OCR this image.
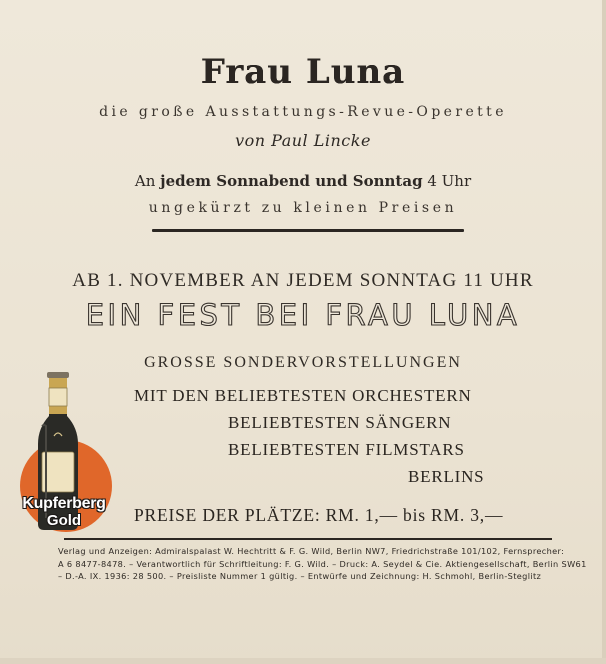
Frau Luna
die große Ausstattungs-Revue-Operette
von Paul Lincke
An jedem Sonnabend und Sonntag 4 Uhr
ungekürzt zu kleinen Preisen
AB 1. NOVEMBER AN JEDEM SONNTAG 11 UHR
EIN FEST BEI FRAU LUNA
GROSSE SONDERVORSTELLUNGEN
MIT DEN BELIEBTESTEN ORCHESTERN
BELIEBTESTEN SÄNGERN
BELIEBTESTEN FILMSTARS
BERLINS
PREISE DER PLÄTZE: RM. 1,— bis RM. 3,—
Kupferberg
Gold
Verlag und Anzeigen: Admiralspalast W. Hechtritt & F. G. Wild, Berlin NW7, Friedrichstraße 101/102, Fernsprecher:
A 6 8477-8478. – Verantwortlich für Schriftleitung: F. G. Wild. – Druck: A. Seydel & Cie. Aktiengesellschaft, Berlin SW61
– D.-A. IX. 1936: 28 500. – Preisliste Nummer 1 gültig. – Entwürfe und Zeichnung: H. Schmohl, Berlin-Steglitz
